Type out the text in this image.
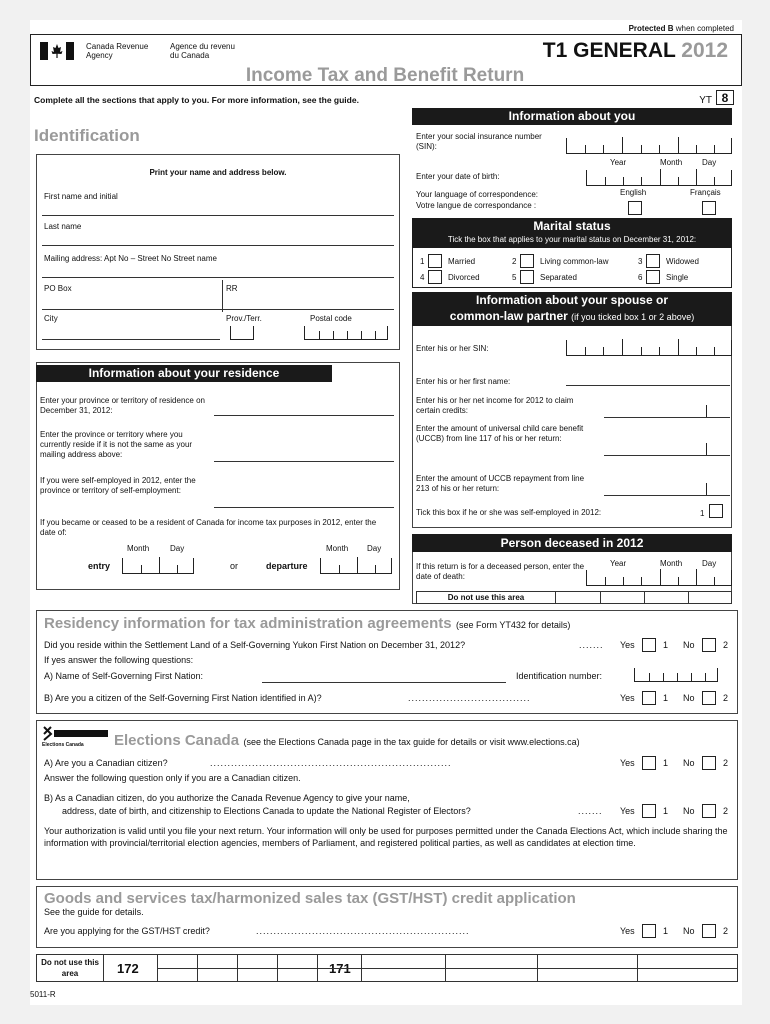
Protected B when completed
Canada Revenue
Agency
Agence du revenu
du Canada	T1 GENERAL 2012
Income Tax and Benefit Return
Complete all the sections that apply to you. For more information, see the guide.	YT 8
Identification
Print your name and address below.
First name and initial
Last name
Mailing address: Apt No – Street No Street name
PO Box	RR
City	Prov./Terr.	Postal code
Information about your residence
Enter your province or territory of residence on December 31, 2012:
Enter the province or territory where you currently reside if it is not the same as your mailing address above:
If you were self-employed in 2012, enter the province or territory of self-employment:
If you became or ceased to be a resident of Canada for income tax purposes in 2012, enter the date of:
Month	Day
entry	or
Month Day
departure
Information about you
Enter your social insurance number (SIN):
Year	Month Day
Enter your date of birth:
English	Français
Your language of correspondence:
Votre langue de correspondance :
Marital status
Tick the box that applies to your marital status on December 31, 2012:
1	Married	2	Living common-law	3	Widowed
4	Divorced	5	Separated	6	Single
Information about your spouse or
common-law partner (if you ticked box 1 or 2 above)
Enter his or her SIN:
Enter his or her first name:
Enter his or her net income for 2012 to claim certain credits:
Enter the amount of universal child care benefit (UCCB) from line 117 of his or her return:
Enter the amount of UCCB repayment from line 213 of his or her return:
Tick this box if he or she was self-employed in 2012:	1
Person deceased in 2012
Year	Month Day
If this return is for a deceased person, enter the date of death:
Do not use this area
Residency information for tax administration agreements (see Form YT432 for details)
Did you reside within the Settlement Land of a Self-Governing Yukon First Nation on December 31, 2012?	....... Yes	1 No	2
If yes answer the following questions:
A) Name of Self-Governing First Nation:	Identification number:
B) Are you a citizen of the Self-Governing First Nation identified in A)?	...................................	Yes	1 No	2
Elections Canada Elections Canada (see the Elections Canada page in the tax guide for details or visit www.elections.ca)
A) Are you a Canadian citizen?	.....................................................................	Yes	1 No	2
Answer the following question only if you are a Canadian citizen.
B) As a Canadian citizen, do you authorize the Canada Revenue Agency to give your name,
address, date of birth, and citizenship to Elections Canada to update the National Register of Electors?	....... Yes	1 No	2
Your authorization is valid until you file your next return. Your information will only be used for purposes permitted under the Canada Elections Act, which include sharing the information with provincial/territorial election agencies, members of Parliament, and registered political parties, as well as candidates at election time.
Goods and services tax/harmonized sales tax (GST/HST) credit application
See the guide for details.
Are you applying for the GST/HST credit?	.............................................................	Yes	1 No	2
Do not use this area	172	171
5011-R
